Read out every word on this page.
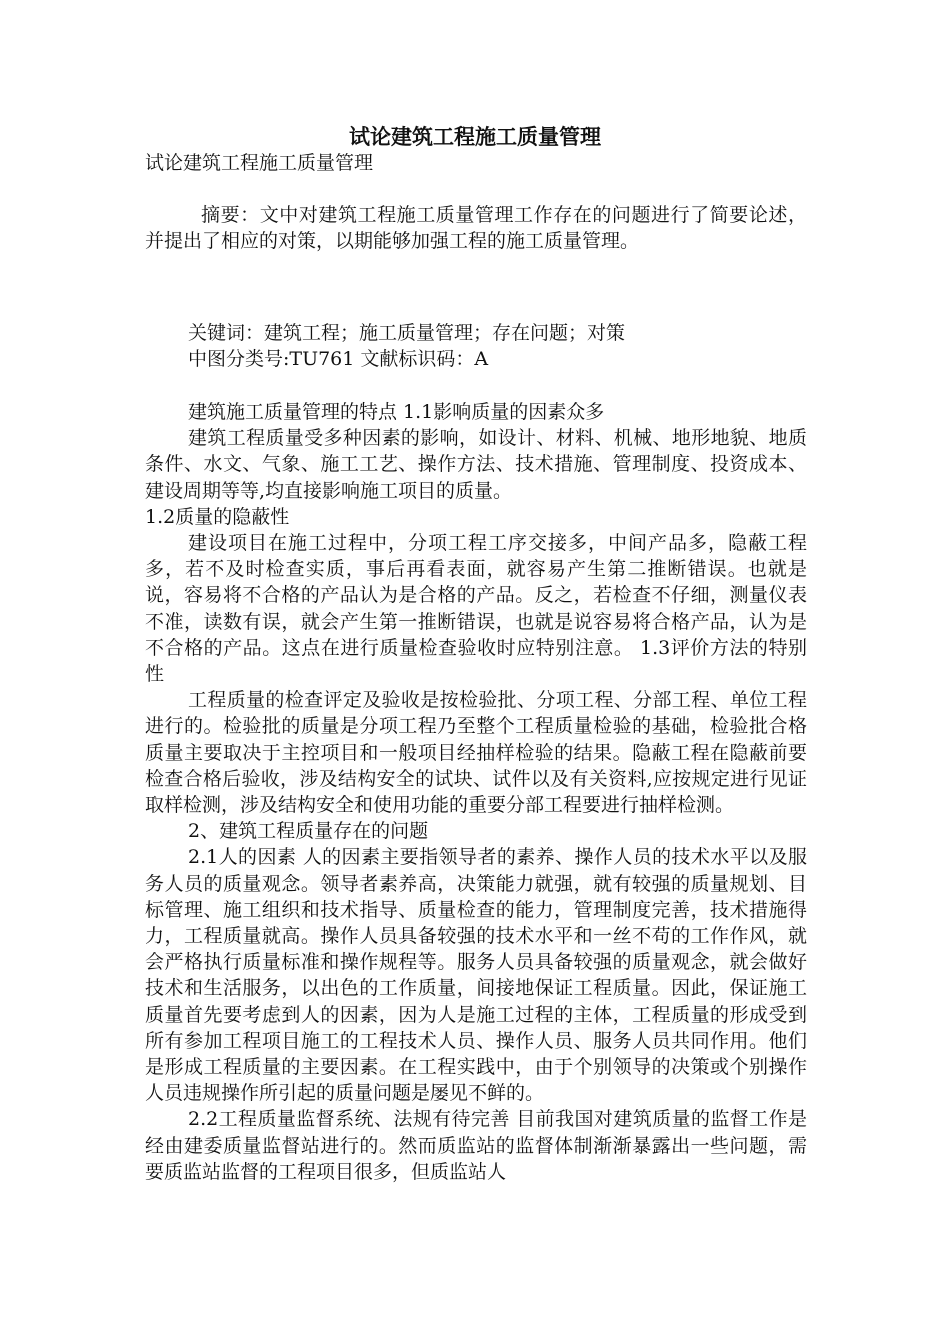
试论建筑工程施工质量管理

试论建筑工程施工质量管理

摘要：文中对建筑工程施工质量管理工作存在的问题进行了简要论述，并提出了相应的对策，以期能够加强工程的施工质量管理。

关键词：建筑工程；施工质量管理；存在问题；对策

中图分类号:TU761 文献标识码：A

建筑施工质量管理的特点 1.1影响质量的因素众多

建筑工程质量受多种因素的影响，如设计、材料、机械、地形地貌、地质条件、水文、气象、施工工艺、操作方法、技术措施、管理制度、投资成本、建设周期等等,均直接影响施工项目的质量。

1.2质量的隐蔽性

建设项目在施工过程中，分项工程工序交接多，中间产品多，隐蔽工程多，若不及时检查实质，事后再看表面，就容易产生第二推断错误。也就是说，容易将不合格的产品认为是合格的产品。反之，若检查不仔细，测量仪表不准，读数有误，就会产生第一推断错误，也就是说容易将合格产品，认为是不合格的产品。这点在进行质量检查验收时应特别注意。 1.3评价方法的特别性

工程质量的检查评定及验收是按检验批、分项工程、分部工程、单位工程进行的。检验批的质量是分项工程乃至整个工程质量检验的基础，检验批合格质量主要取决于主控项目和一般项目经抽样检验的结果。隐蔽工程在隐蔽前要检查合格后验收，涉及结构安全的试块、试件以及有关资料,应按规定进行见证取样检测，涉及结构安全和使用功能的重要分部工程要进行抽样检测。

2、建筑工程质量存在的问题

2.1人的因素 人的因素主要指领导者的素养、操作人员的技术水平以及服务人员的质量观念。领导者素养高，决策能力就强，就有较强的质量规划、目标管理、施工组织和技术指导、质量检查的能力，管理制度完善，技术措施得力，工程质量就高。操作人员具备较强的技术水平和一丝不苟的工作作风，就会严格执行质量标准和操作规程等。服务人员具备较强的质量观念，就会做好技术和生活服务，以出色的工作质量，间接地保证工程质量。因此，保证施工质量首先要考虑到人的因素，因为人是施工过程的主体，工程质量的形成受到所有参加工程项目施工的工程技术人员、操作人员、服务人员共同作用。他们是形成工程质量的主要因素。在工程实践中，由于个别领导的决策或个别操作人员违规操作所引起的质量问题是屡见不鲜的。

2.2工程质量监督系统、法规有待完善 目前我国对建筑质量的监督工作是经由建委质量监督站进行的。然而质监站的监督体制渐渐暴露出一些问题，需要质监站监督的工程项目很多，但质监站人
